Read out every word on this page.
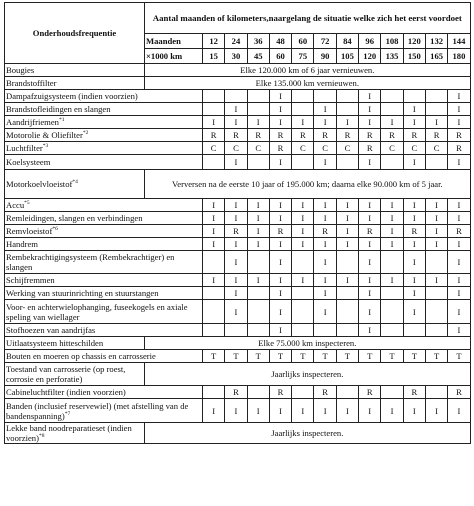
Onderhoudsfrequentie	Aantal maanden of kilometers,naargelang de situatie welke zich het eerst voordoet												
	Maanden	12	24	36	48	60	72	84	96	108	120	132	144
	×1000 km	15	30	45	60	75	90	105	120	135	150	165	180
Bougies	Elke 120.000 km of 6 jaar vernieuwen.												
Brandstoffilter	Elke 135.000 km vernieuwen.												
Dampafzuigsysteem (indien voorzien)					I				I				I
Brandstofleidingen en slangen			I		I		I		I		I		I
Aandrijfriemen$^{*1}$		I	I	I	I	I	I	I	I	I	I	I	I
Motorolie & Oliefilter$^{*2}$		R	R	R	R	R	R	R	R	R	R	R	R
Luchtfilter$^{*3}$		C	C	C	R	C	C	C	R	C	C	C	R
Koelsysteem			I		I		I		I		I		I
Motorkoelvloeistof$^{*4}$	Verversen na de eerste 10 jaar of 195.000 km; daarna elke 90.000 km of 5 jaar.												
Accu$^{*5}$		I	I	I	I	I	I	I	I	I	I	I	I
Remleidingen, slangen en verbindingen		I	I	I	I	I	I	I	I	I	I	I	I
Remvloeistof$^{*6}$		I	R	I	R	I	R	I	R	I	R	I	R
Handrem		I	I	I	I	I	I	I	I	I	I	I	I
Rembekrachtigingsysteem (Rembekrachtiger) en slangen			I		I		I		I		I		I
Schijfremmen		I	I	I	I	I	I	I	I	I	I	I	I
Werking van stuurinrichting en stuurstangen			I		I		I		I		I		I
Voor- en achterwielophanging, fuseekogels en axiale speling van wiellager			I		I		I		I		I		I
Stofhoezen van aandrijfas					I				I				I
Uitlaatsysteem hitteschilden	Elke 75.000 km inspecteren.												
Bouten en moeren op chassis en carrosserie		T	T	T	T	T	T	T	T	T	T	T	T
Toestand van carrosserie (op roest, corrosie en perforatie)	Jaarlijks inspecteren.												
Cabineluchtfilter (indien voorzien)			R		R		R		R		R		R
Banden (inclusief reservewiel) (met afstelling van de bandenspanning)$^{*7}$		I	I	I	I	I	I	I	I	I	I	I	I
Lekke band noodreparatieset (indien voorzien)$^{*8}$	Jaarlijks inspecteren.												
